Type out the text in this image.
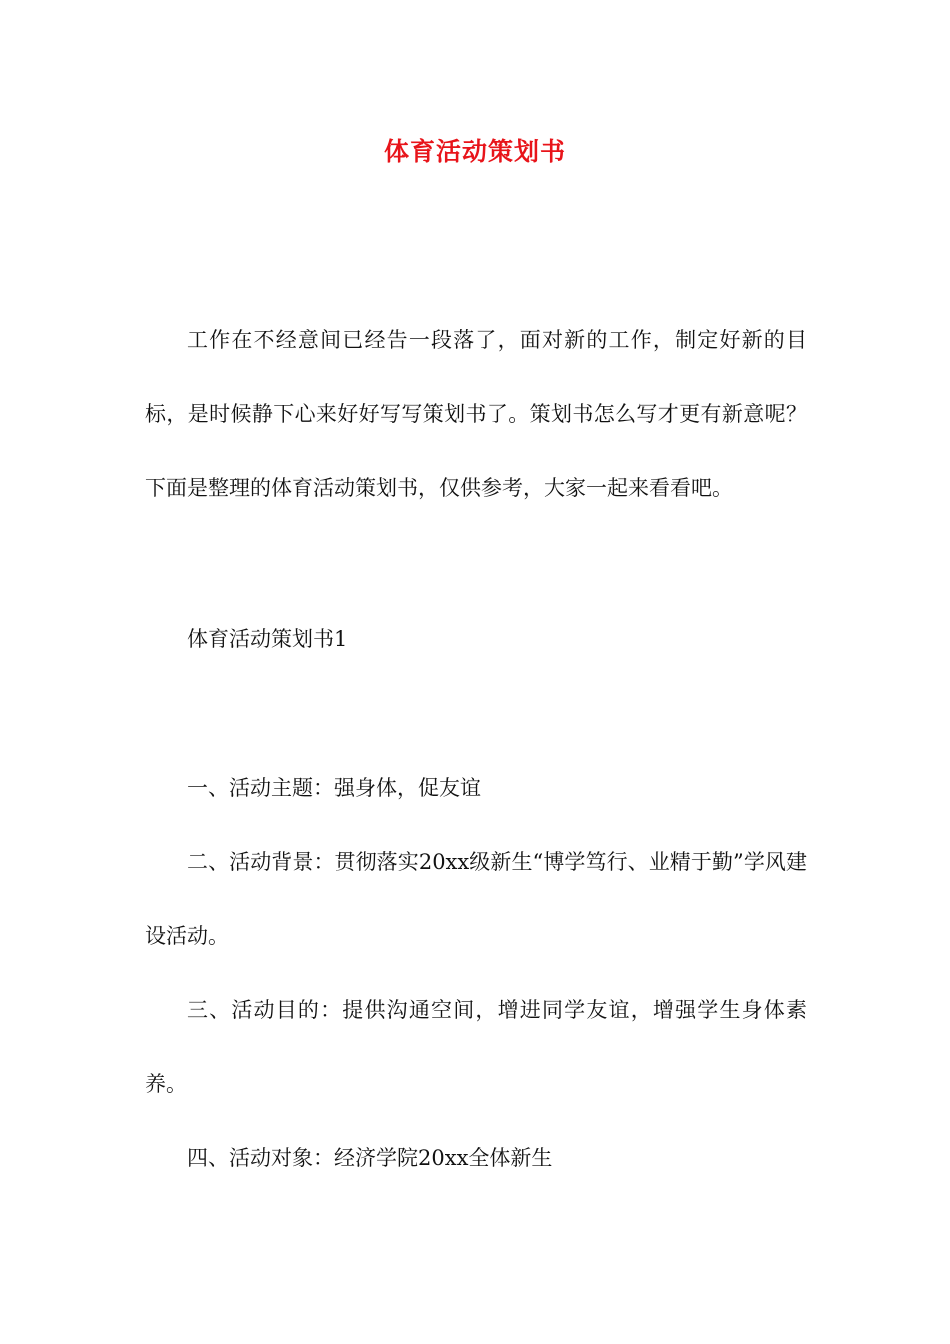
体育活动策划书

工作在不经意间已经告一段落了，面对新的工作，制定好新的目标，是时候静下心来好好写写策划书了。策划书怎么写才更有新意呢？下面是整理的体育活动策划书，仅供参考，大家一起来看看吧。

体育活动策划书1

一、活动主题：强身体，促友谊

二、活动背景：贯彻落实20xx级新生“博学笃行、业精于勤”学风建设活动。

三、活动目的：提供沟通空间，增进同学友谊，增强学生身体素养。

四、活动对象：经济学院20xx全体新生
